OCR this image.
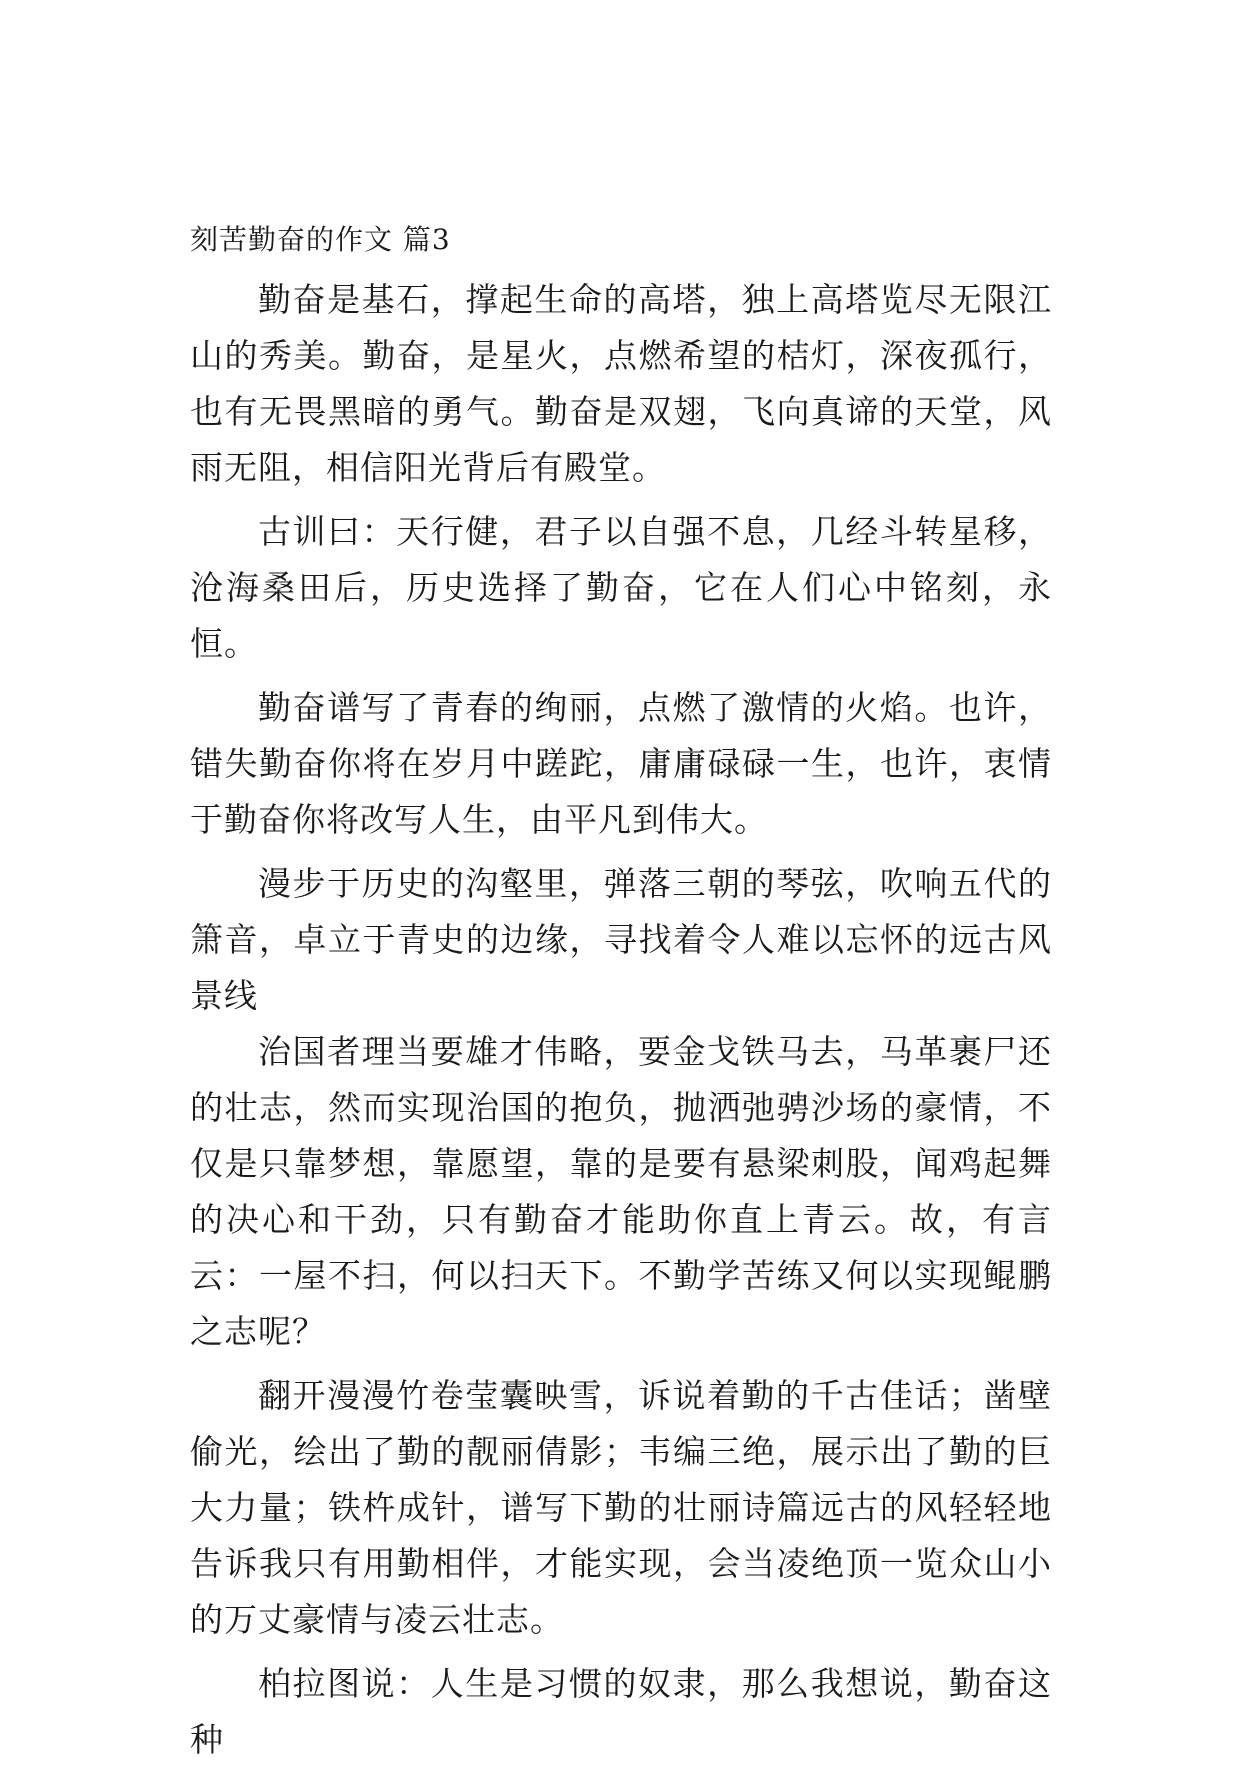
刻苦勤奋的作文 篇3

勤奋是基石，撑起生命的高塔，独上高塔览尽无限江山的秀美。勤奋，是星火，点燃希望的桔灯，深夜孤行，也有无畏黑暗的勇气。勤奋是双翅，飞向真谛的天堂，风雨无阻，相信阳光背后有殿堂。

古训曰：天行健，君子以自强不息，几经斗转星移，沧海桑田后，历史选择了勤奋，它在人们心中铭刻，永恒。

勤奋谱写了青春的绚丽，点燃了激情的火焰。也许，错失勤奋你将在岁月中蹉跎，庸庸碌碌一生，也许，衷情于勤奋你将改写人生，由平凡到伟大。

漫步于历史的沟壑里，弹落三朝的琴弦，吹响五代的箫音，卓立于青史的边缘，寻找着令人难以忘怀的远古风景线

治国者理当要雄才伟略，要金戈铁马去，马革裹尸还的壮志，然而实现治国的抱负，抛洒弛骋沙场的豪情，不仅是只靠梦想，靠愿望，靠的是要有悬梁刺股，闻鸡起舞的决心和干劲，只有勤奋才能助你直上青云。故，有言云：一屋不扫，何以扫天下。不勤学苦练又何以实现鲲鹏之志呢？

翻开漫漫竹卷莹囊映雪，诉说着勤的千古佳话；凿壁偷光，绘出了勤的靓丽倩影；韦编三绝，展示出了勤的巨大力量；铁杵成针，谱写下勤的壮丽诗篇远古的风轻轻地告诉我只有用勤相伴，才能实现，会当凌绝顶一览众山小的万丈豪情与凌云壮志。

柏拉图说：人生是习惯的奴隶，那么我想说，勤奋这种
